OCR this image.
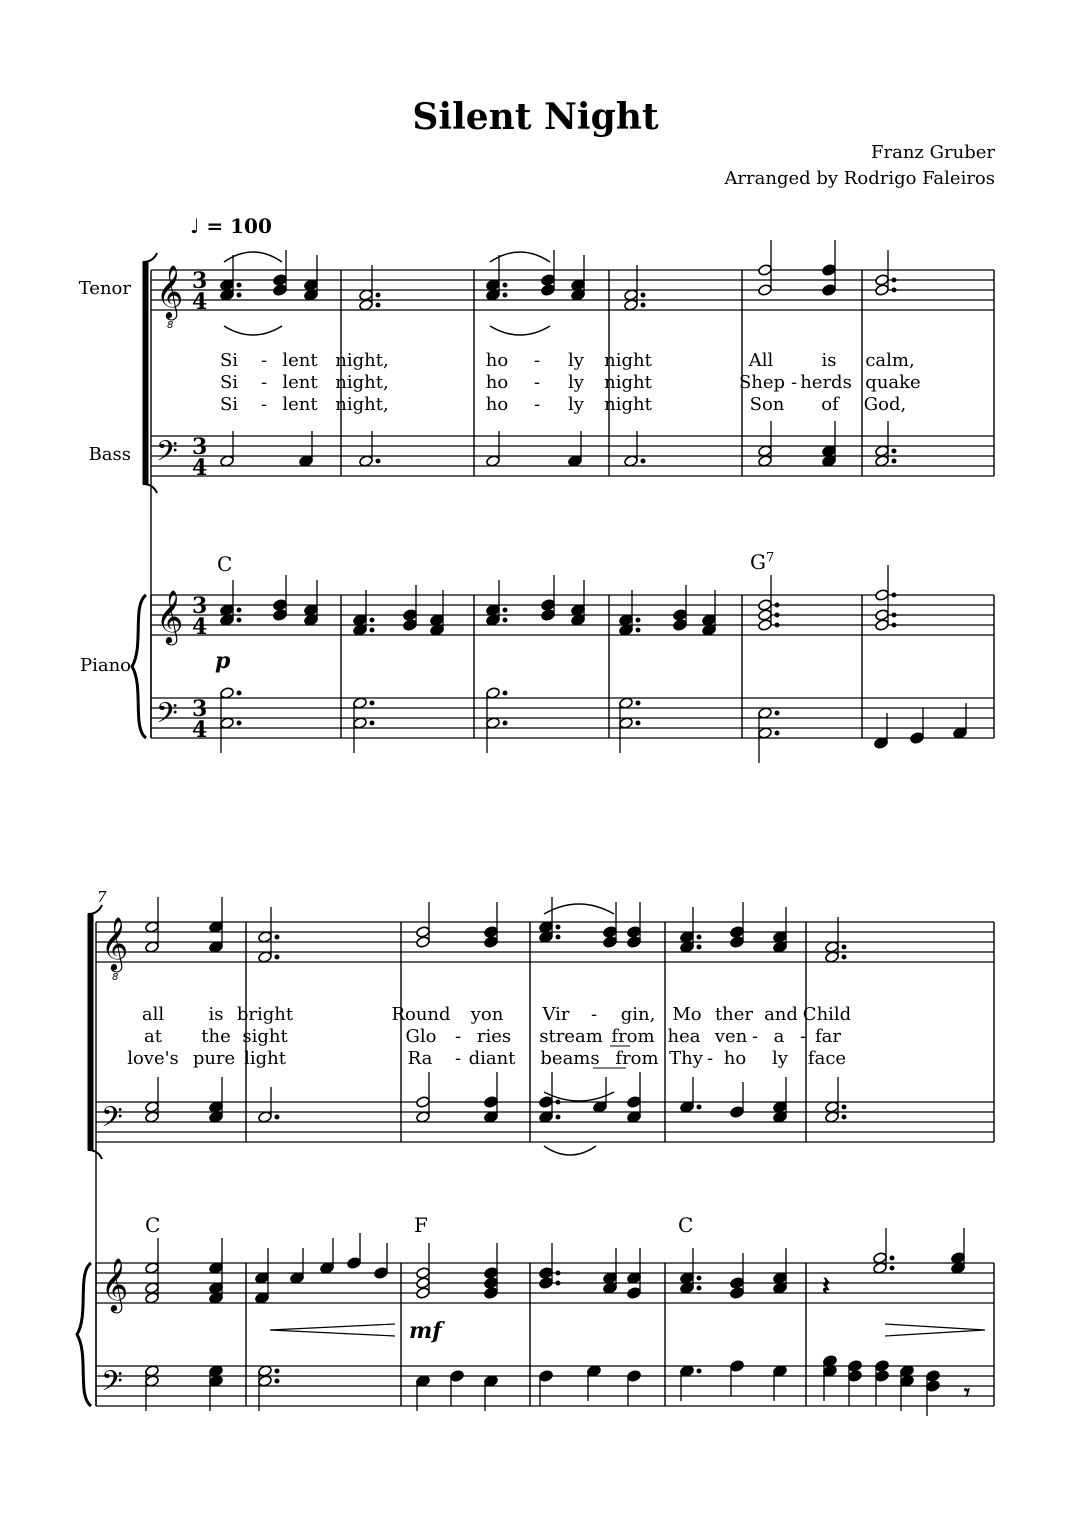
Silent Night
Franz Gruber
Arranged by Rodrigo Faleiros
♩ = 100
Tenor
Bass
Piano
7
C	$G^7$
C	F	C
p
mf
Si lent night,	ho	ly night	All	is calm,
Si lent night,	ho	ly night	Shep herds quake
Si lent night,	ho	ly night	Son of God,
-	-
-	-	-
-	-
all is bright	Round yon Vir	gin, Mo ther and Child
at the sight	Glo ries stream from hea ven a far
love's pure light	Ra diant beams from Thy ho ly face
-
-	- -
-
-
𝄞
8
3
4
𝄢 3
4
𝄞 3
4
𝄢 3
4
𝄞
8
𝄢
𝄞
𝄢
𝄽
𝄾
